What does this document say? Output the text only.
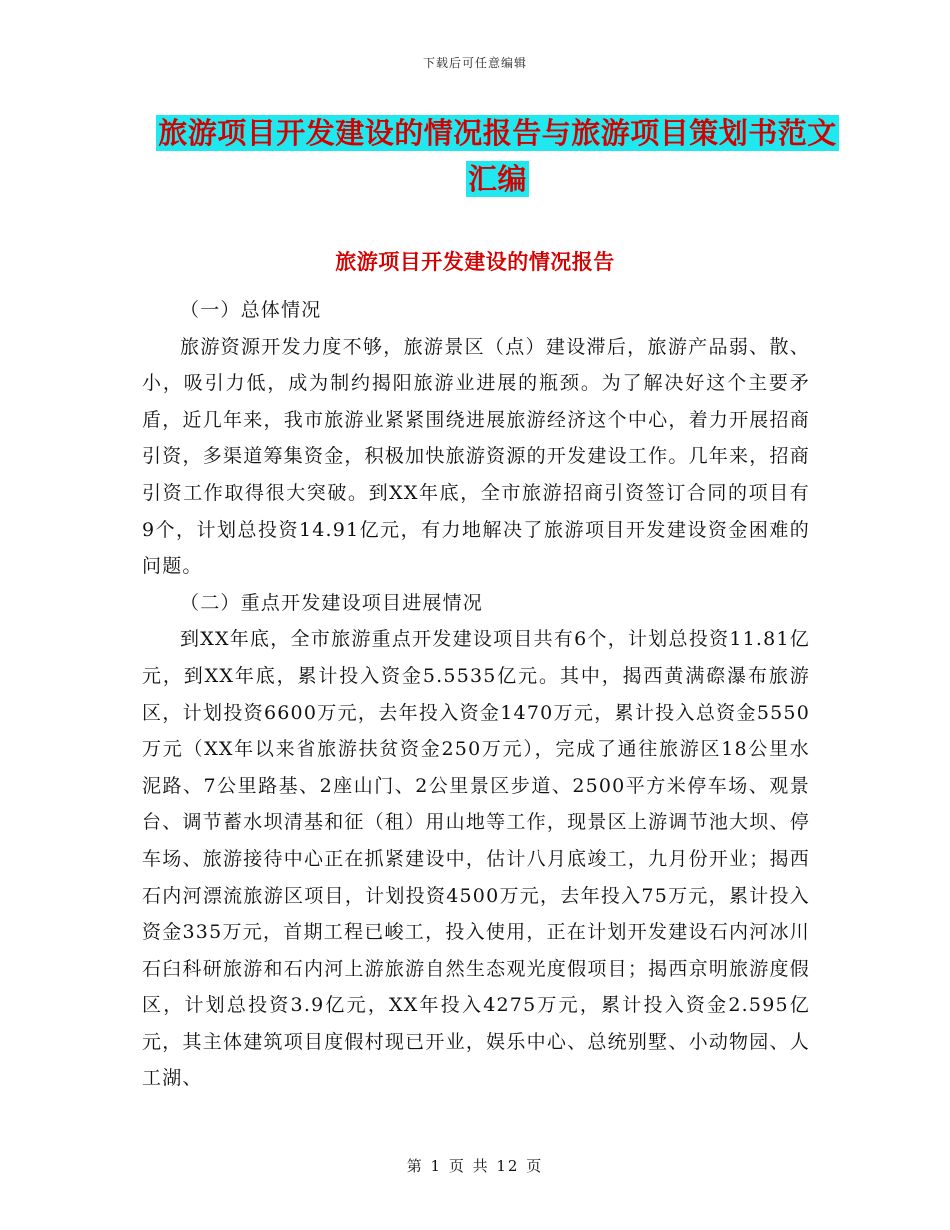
下载后可任意编辑
旅游项目开发建设的情况报告与旅游项目策划书范文
汇编
旅游项目开发建设的情况报告

（一）总体情况

旅游资源开发力度不够，旅游景区（点）建设滞后，旅游产品弱、散、小，吸引力低，成为制约揭阳旅游业进展的瓶颈。为了解决好这个主要矛盾，近几年来，我市旅游业紧紧围绕进展旅游经济这个中心，着力开展招商引资，多渠道筹集资金，积极加快旅游资源的开发建设工作。几年来，招商引资工作取得很大突破。到XX年底，全市旅游招商引资签订合同的项目有9个，计划总投资14.91亿元，有力地解决了旅游项目开发建设资金困难的问题。

（二）重点开发建设项目进展情况

到XX年底，全市旅游重点开发建设项目共有6个，计划总投资11.81亿元，到XX年底，累计投入资金5.5535亿元。其中，揭西黄满磜瀑布旅游区，计划投资6600万元，去年投入资金1470万元，累计投入总资金5550万元（XX年以来省旅游扶贫资金250万元），完成了通往旅游区18公里水泥路、7公里路基、2座山门、2公里景区步道、2500平方米停车场、观景台、调节蓄水坝清基和征（租）用山地等工作，现景区上游调节池大坝、停车场、旅游接待中心正在抓紧建设中，估计八月底竣工，九月份开业；揭西石内河漂流旅游区项目，计划投资4500万元，去年投入75万元，累计投入资金335万元，首期工程已峻工，投入使用，正在计划开发建设石内河冰川石臼科研旅游和石内河上游旅游自然生态观光度假项目；揭西京明旅游度假区，计划总投资3.9亿元，XX年投入4275万元，累计投入资金2.595亿元，其主体建筑项目度假村现已开业，娱乐中心、总统别墅、小动物园、人工湖、

第 1 页 共 12 页
